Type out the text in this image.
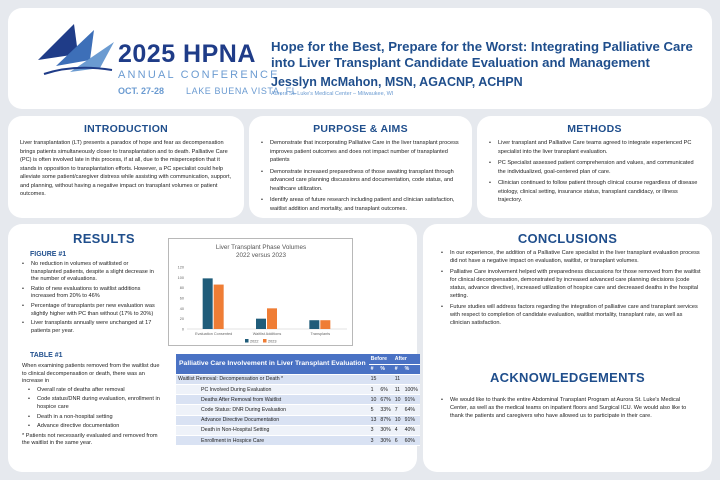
2025 HPNA
ANNUAL CONFERENCE
OCT. 27-28 LAKE BUENA VISTA, FL
Hope for the Best, Prepare for the Worst: Integrating Palliative Care into Liver Transplant Candidate Evaluation and Management
Jesslyn McMahon, MSN, AGACNP, ACHPN
Aurora St. Luke's Medical Center – Milwaukee, WI
INTRODUCTION

Liver transplantation (LT) presents a paradox of hope and fear as decompensation brings patients simultaneously closer to transplantation and to death. Palliative Care (PC) is often involved late in this process, if at all, due to the misperception that it stands in opposition to transplantation efforts. However, a PC specialist could help alleviate some patient/caregiver distress while assisting with communication, support, and planning, without having a negative impact on transplant volumes or patient outcomes.

PURPOSE & AIMS
• Demonstrate that incorporating Palliative Care in the liver transplant process improves patient outcomes and does not impact number of transplanted patients
• Demonstrate increased preparedness of those awaiting transplant through advanced care planning discussions and documentation, code status, and healthcare utilization.
• Identify areas of future research including patient and clinician satisfaction, waitlist addition and mortality, and transplant outcomes.
METHODS
• Liver transplant and Palliative Care teams agreed to integrate experienced PC specialist into the liver transplant evaluation.
• PC Specialist assessed patient comprehension and values, and communicated the individualized, goal-centered plan of care.
• Clinician continued to follow patient through clinical course regardless of disease etiology, clinical setting, insurance status, transplant candidacy, or illness trajectory.
RESULTS
FIGURE #1
• No reduction in volumes of waitlisted or transplanted patients, despite a slight decrease in the number of evaluations.
• Ratio of new evaluations to waitlist additions increased from 20% to 46%
• Percentage of transplants per new evaluation was slightly higher with PC than without (17% to 20%)
• Liver transplants annually were unchanged at 17 patients per year.
TABLE #1
When examining patients removed from the waitlist due to clinical decompensation or death, there was an increase in
• Overall rate of deaths after removal
• Code status/DNR during evaluation, enrollment in hospice care
• Death in a non-hospital setting
• Advance directive documentation
* Patients not necessarily evaluated and removed from the waitlist in the same year.
Liver Transplant Phase Volumes
2022 versus 2023
0
20
40
60
80
100
120
Evaluation Consented	Waitlist Additions	Transplants
2022	2023
Palliative Care Involvement in Liver Transplant Evaluation	Before		After	
	#	%	#	%
Waitlist Removal: Decompensation or Death *	15		11	
PC Involved During Evaluation	1	6%	11	100%
Deaths After Removal from Waitlist	10	67%	10	91%
Code Status: DNR During Evaluation	5	33%	7	64%
Advance Directive Documentation	13	87%	10	91%
Death in Non-Hospital Setting	3	30%	4	40%
Enrollment in Hospice Care	3	30%	6	60%
CONCLUSIONS
• In our experience, the addition of a Palliative Care specialist in the liver transplant evaluation process did not have a negative impact on evaluation, waitlist, or transplant volumes.
• Palliative Care involvement helped with preparedness discussions for those removed from the waitlist for clinical decompensation, demonstrated by increased advanced care planning decisions (code status, advance directive), increased utilization of hospice care and decreased deaths in the hospital setting.
• Future studies will address factors regarding the integration of palliative care and transplant services with respect to completion of candidate evaluation, waitlist mortality, transplant rate, as well as clinician satisfaction.
ACKNOWLEDGEMENTS
• We would like to thank the entire Abdominal Transplant Program at Aurora St. Luke's Medical Center, as well as the medical teams on inpatient floors and Surgical ICU. We would also like to thank the patients and caregivers who have allowed us to participate in their care.
